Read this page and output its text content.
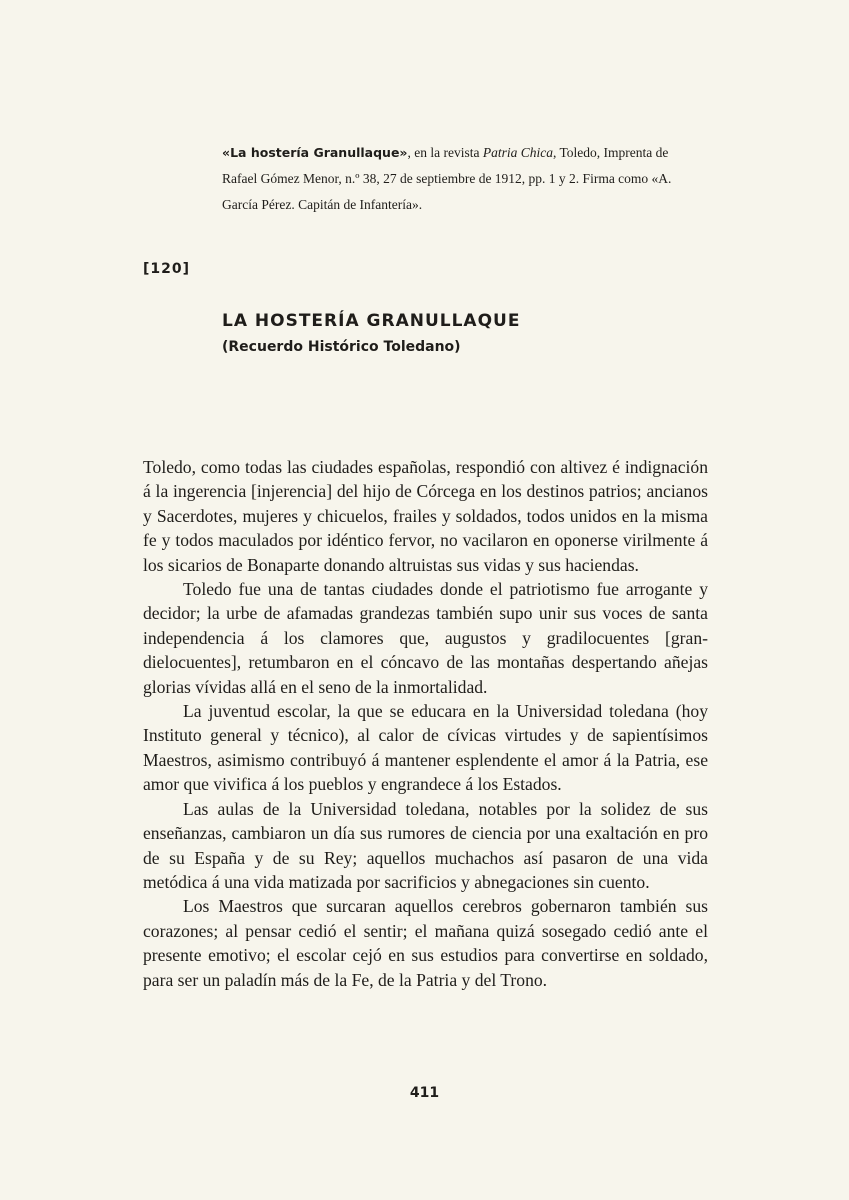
«La hostería Granullaque», en la revista Patria Chica, Toledo, Imprenta de Rafael Gómez Menor, n.º 38, 27 de septiembre de 1912, pp. 1 y 2. Firma como «A. García Pérez. Capitán de Infantería».

[120]

LA HOSTERÍA GRANULLAQUE
(Recuerdo Histórico Toledano)

Toledo, como todas las ciudades españolas, respondió con altivez é indignación á la ingerencia [injerencia] del hijo de Córcega en los destinos patrios; ancianos y Sacerdotes, mujeres y chicuelos, frailes y soldados, todos unidos en la misma fe y todos maculados por idéntico fervor, no vacilaron en oponerse virilmente á los sicarios de Bonaparte donando altruistas sus vidas y sus haciendas.

Toledo fue una de tantas ciudades donde el patriotismo fue arrogante y decidor; la urbe de afamadas grandezas también supo unir sus voces de santa independencia á los clamores que, augustos y gradilocuentes [grandielocuentes], retumbaron en el cóncavo de las montañas despertando añejas glorias vívidas allá en el seno de la inmortalidad.

La juventud escolar, la que se educara en la Universidad toledana (hoy Instituto general y técnico), al calor de cívicas virtudes y de sapientísimos Maestros, asimismo contribuyó á mantener esplendente el amor á la Patria, ese amor que vivifica á los pueblos y engrandece á los Estados.

Las aulas de la Universidad toledana, notables por la solidez de sus enseñanzas, cambiaron un día sus rumores de ciencia por una exaltación en pro de su España y de su Rey; aquellos muchachos así pasaron de una vida metódica á una vida matizada por sacrificios y abnegaciones sin cuento.

Los Maestros que surcaran aquellos cerebros gobernaron también sus corazones; al pensar cedió el sentir; el mañana quizá sosegado cedió ante el presente emotivo; el escolar cejó en sus estudios para convertirse en soldado, para ser un paladín más de la Fe, de la Patria y del Trono.

411
